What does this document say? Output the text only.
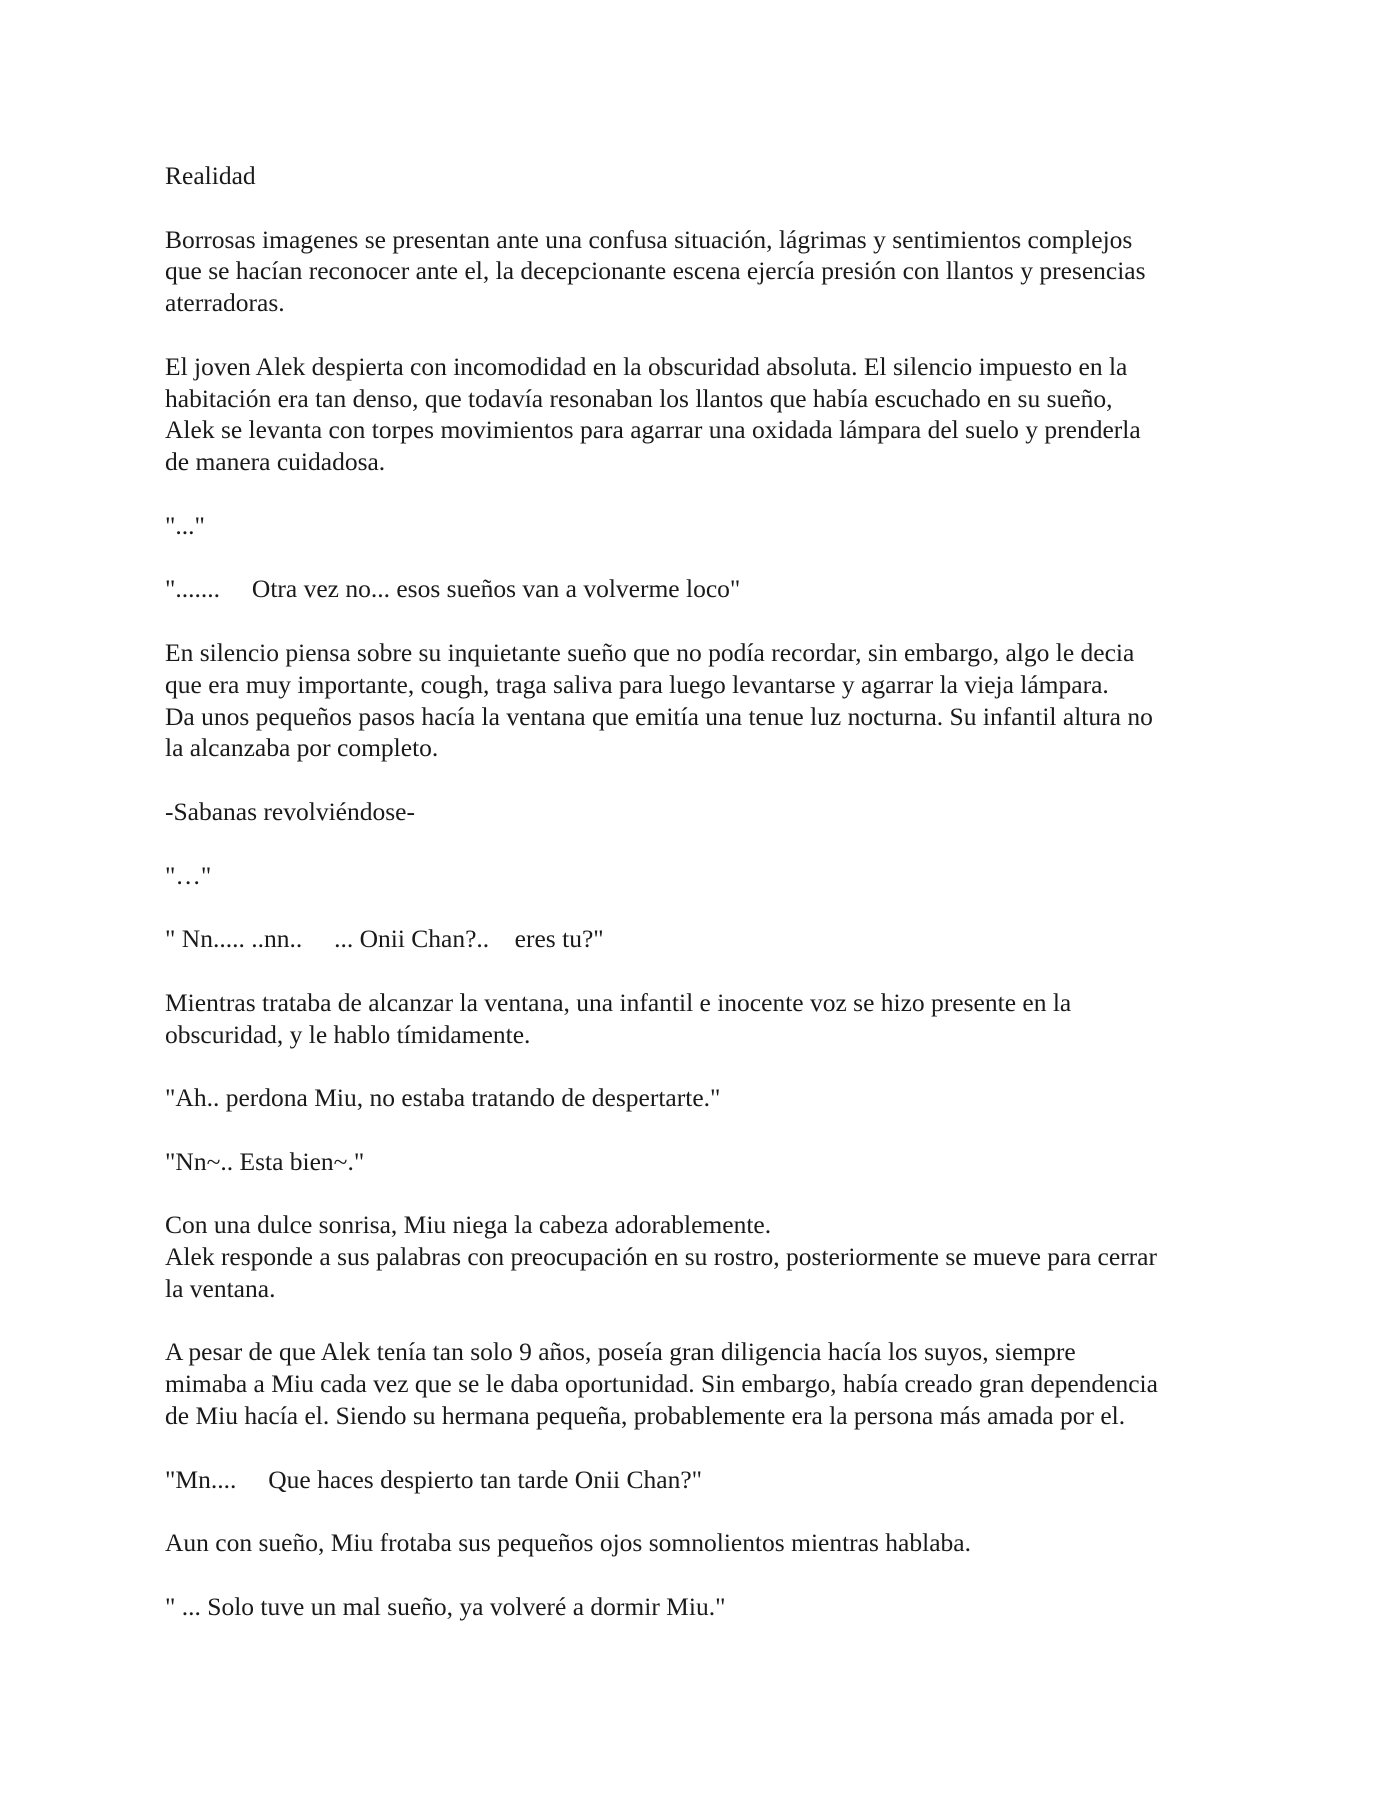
Realidad

Borrosas imagenes se presentan ante una confusa situación, lágrimas y sentimientos complejos
que se hacían reconocer ante el, la decepcionante escena ejercía presión con llantos y presencias
aterradoras.

El joven Alek despierta con incomodidad en la obscuridad absoluta. El silencio impuesto en la
habitación era tan denso, que todavía resonaban los llantos que había escuchado en su sueño,
Alek se levanta con torpes movimientos para agarrar una oxidada lámpara del suelo y prenderla
de manera cuidadosa.

"..."

".......     Otra vez no... esos sueños van a volverme loco"

En silencio piensa sobre su inquietante sueño que no podía recordar, sin embargo, algo le decia
que era muy importante, cough, traga saliva para luego levantarse y agarrar la vieja lámpara.
Da unos pequeños pasos hacía la ventana que emitía una tenue luz nocturna. Su infantil altura no
la alcanzaba por completo.

-Sabanas revolviéndose-

"…"

" Nn..... ..nn..     ... Onii Chan?..    eres tu?"

Mientras trataba de alcanzar la ventana, una infantil e inocente voz se hizo presente en la
obscuridad, y le hablo tímidamente.

"Ah.. perdona Miu, no estaba tratando de despertarte."

"Nn~.. Esta bien~."

Con una dulce sonrisa, Miu niega la cabeza adorablemente.
Alek responde a sus palabras con preocupación en su rostro, posteriormente se mueve para cerrar
la ventana.

A pesar de que Alek tenía tan solo 9 años, poseía gran diligencia hacía los suyos, siempre
mimaba a Miu cada vez que se le daba oportunidad. Sin embargo, había creado gran dependencia
de Miu hacía el. Siendo su hermana pequeña, probablemente era la persona más amada por el.

"Mn....     Que haces despierto tan tarde Onii Chan?"

Aun con sueño, Miu frotaba sus pequeños ojos somnolientos mientras hablaba.

" ... Solo tuve un mal sueño, ya volveré a dormir Miu."
